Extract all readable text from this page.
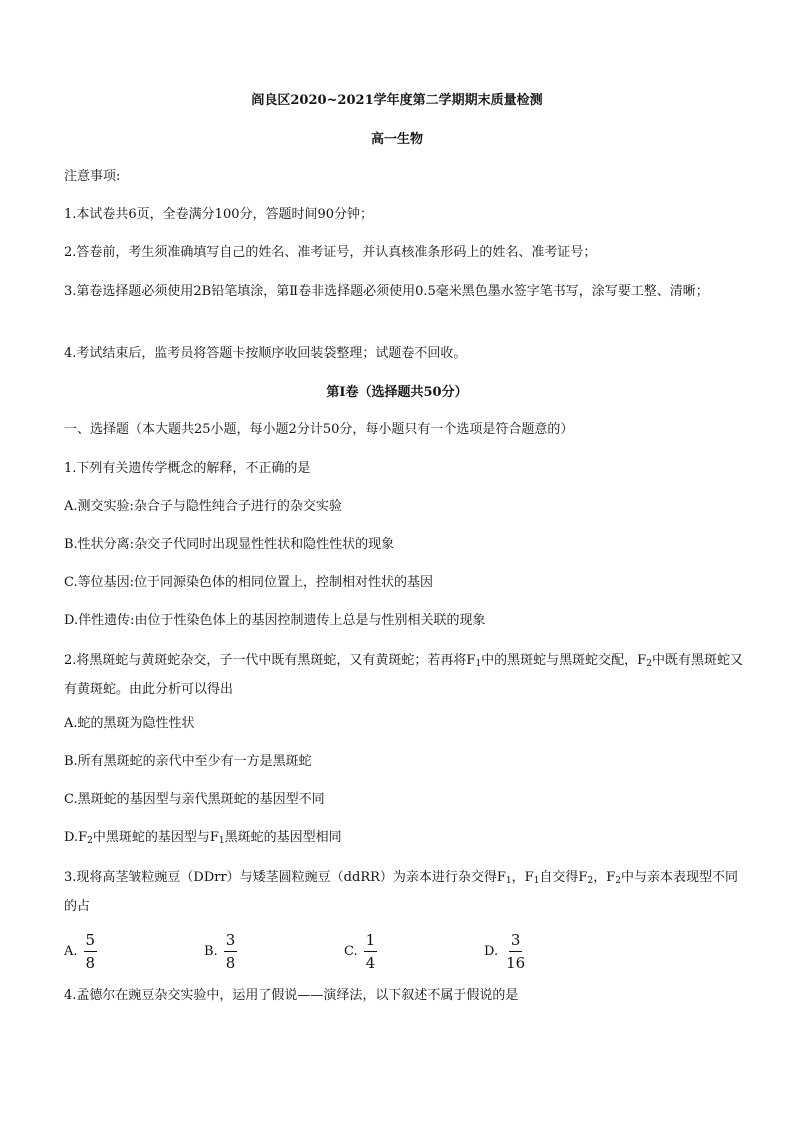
阎良区2020~2021学年度第二学期期末质量检测
高一生物
注意事项:
1.本试卷共6页，全卷满分100分，答题时间90分钟；
2.答卷前，考生须准确填写自己的姓名、准考证号，并认真核准条形码上的姓名、准考证号；
3.第卷选择题必须使用2B铅笔填涂，第Ⅱ卷非选择题必须使用0.5毫米黑色墨水签字笔书写，涂写要工整、清晰；
4.考试结束后，监考员将答题卡按顺序收回装袋整理；试题卷不回收。
第Ⅰ卷（选择题共50分）
一、选择题（本大题共25小题，每小题2分计50分，每小题只有一个选项是符合题意的）
1.下列有关遗传学概念的解释，不正确的是
A.测交实验:杂合子与隐性纯合子进行的杂交实验
B.性状分离:杂交子代同时出现显性性状和隐性性状的现象
C.等位基因:位于同源染色体的相同位置上，控制相对性状的基因
D.伴性遗传:由位于性染色体上的基因控制遗传上总是与性别相关联的现象
2.将黑斑蛇与黄斑蛇杂交，子一代中既有黑斑蛇，又有黄斑蛇；若再将$F_1$中的黑斑蛇与黑斑蛇交配，$F_2$中既有黑斑蛇又有黄斑蛇。由此分析可以得出
A.蛇的黑斑为隐性性状
B.所有黑斑蛇的亲代中至少有一方是黑斑蛇
C.黑斑蛇的基因型与亲代黑斑蛇的基因型不同
$D.F_2$中黑斑蛇的基因型与$F_1$黑斑蛇的基因型相同
3.现将高茎皱粒豌豆（DDrr）与矮茎圆粒豌豆（ddRR）为亲本进行杂交得$F_1$，$F_1$自交得$F_2$，$F_2$中与亲本表现型不同的占
A. $\frac{5}{8}$	B. $\frac{3}{8}$	C. $\frac{1}{4}$	D. $\frac{3}{16}$
4.孟德尔在豌豆杂交实验中，运用了假说——演绎法，以下叙述不属于假说的是
